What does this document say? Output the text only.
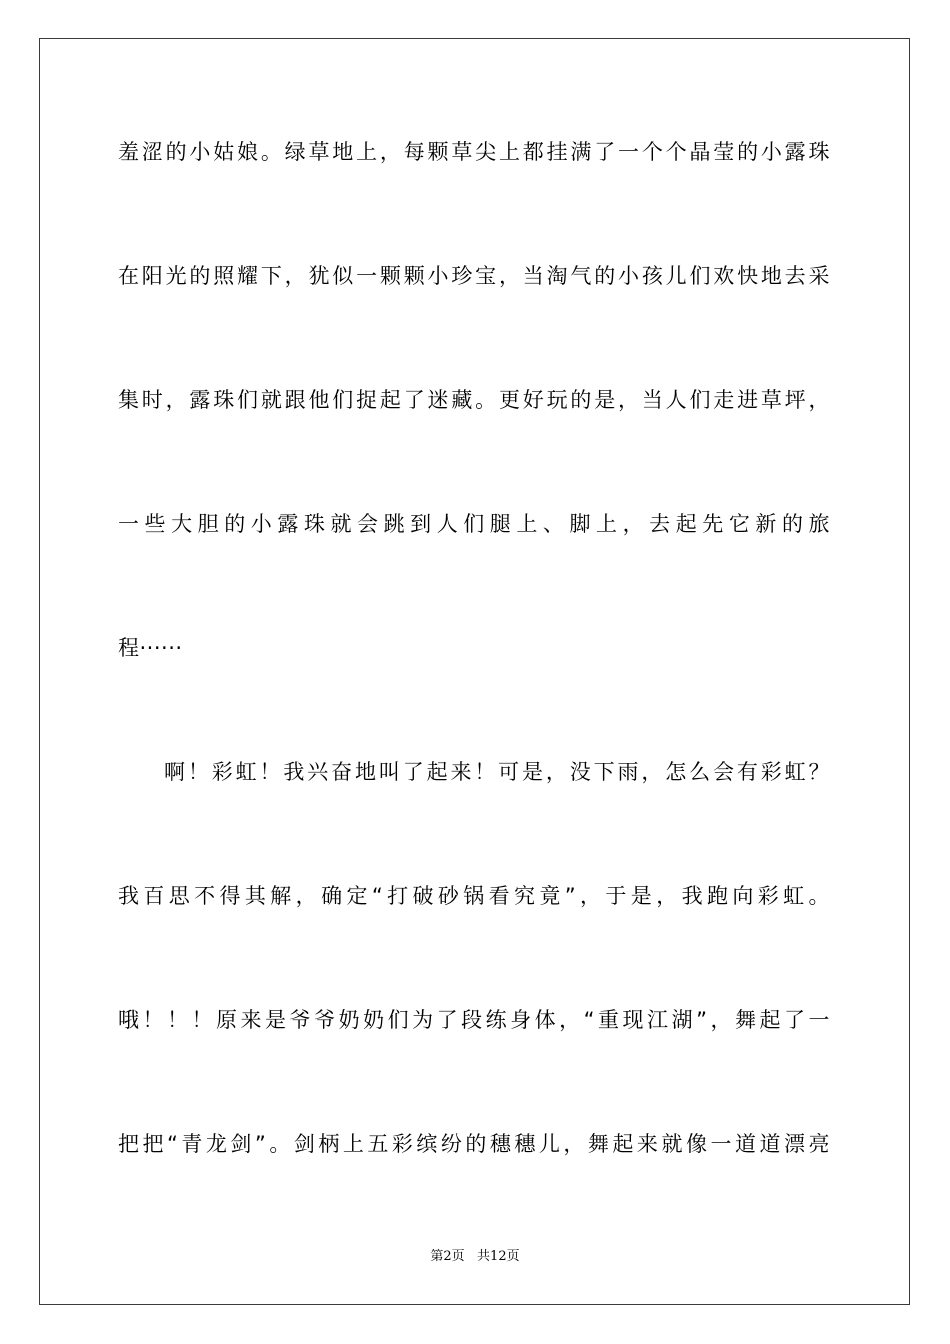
羞涩的小姑娘。绿草地上，每颗草尖上都挂满了一个个晶莹的小露珠
在阳光的照耀下，犹似一颗颗小珍宝，当淘气的小孩儿们欢快地去采
集时，露珠们就跟他们捉起了迷藏。更好玩的是，当人们走进草坪，
一些大胆的小露珠就会跳到人们腿上、脚上，去起先它新的旅
程······
啊！彩虹！我兴奋地叫了起来！可是，没下雨，怎么会有彩虹？
我百思不得其解，确定“打破砂锅看究竟”，于是，我跑向彩虹。
哦！！！原来是爷爷奶奶们为了段练身体，“重现江湖”，舞起了一
把把“青龙剑”。剑柄上五彩缤纷的穗穗儿，舞起来就像一道道漂亮
第2页   共12页
